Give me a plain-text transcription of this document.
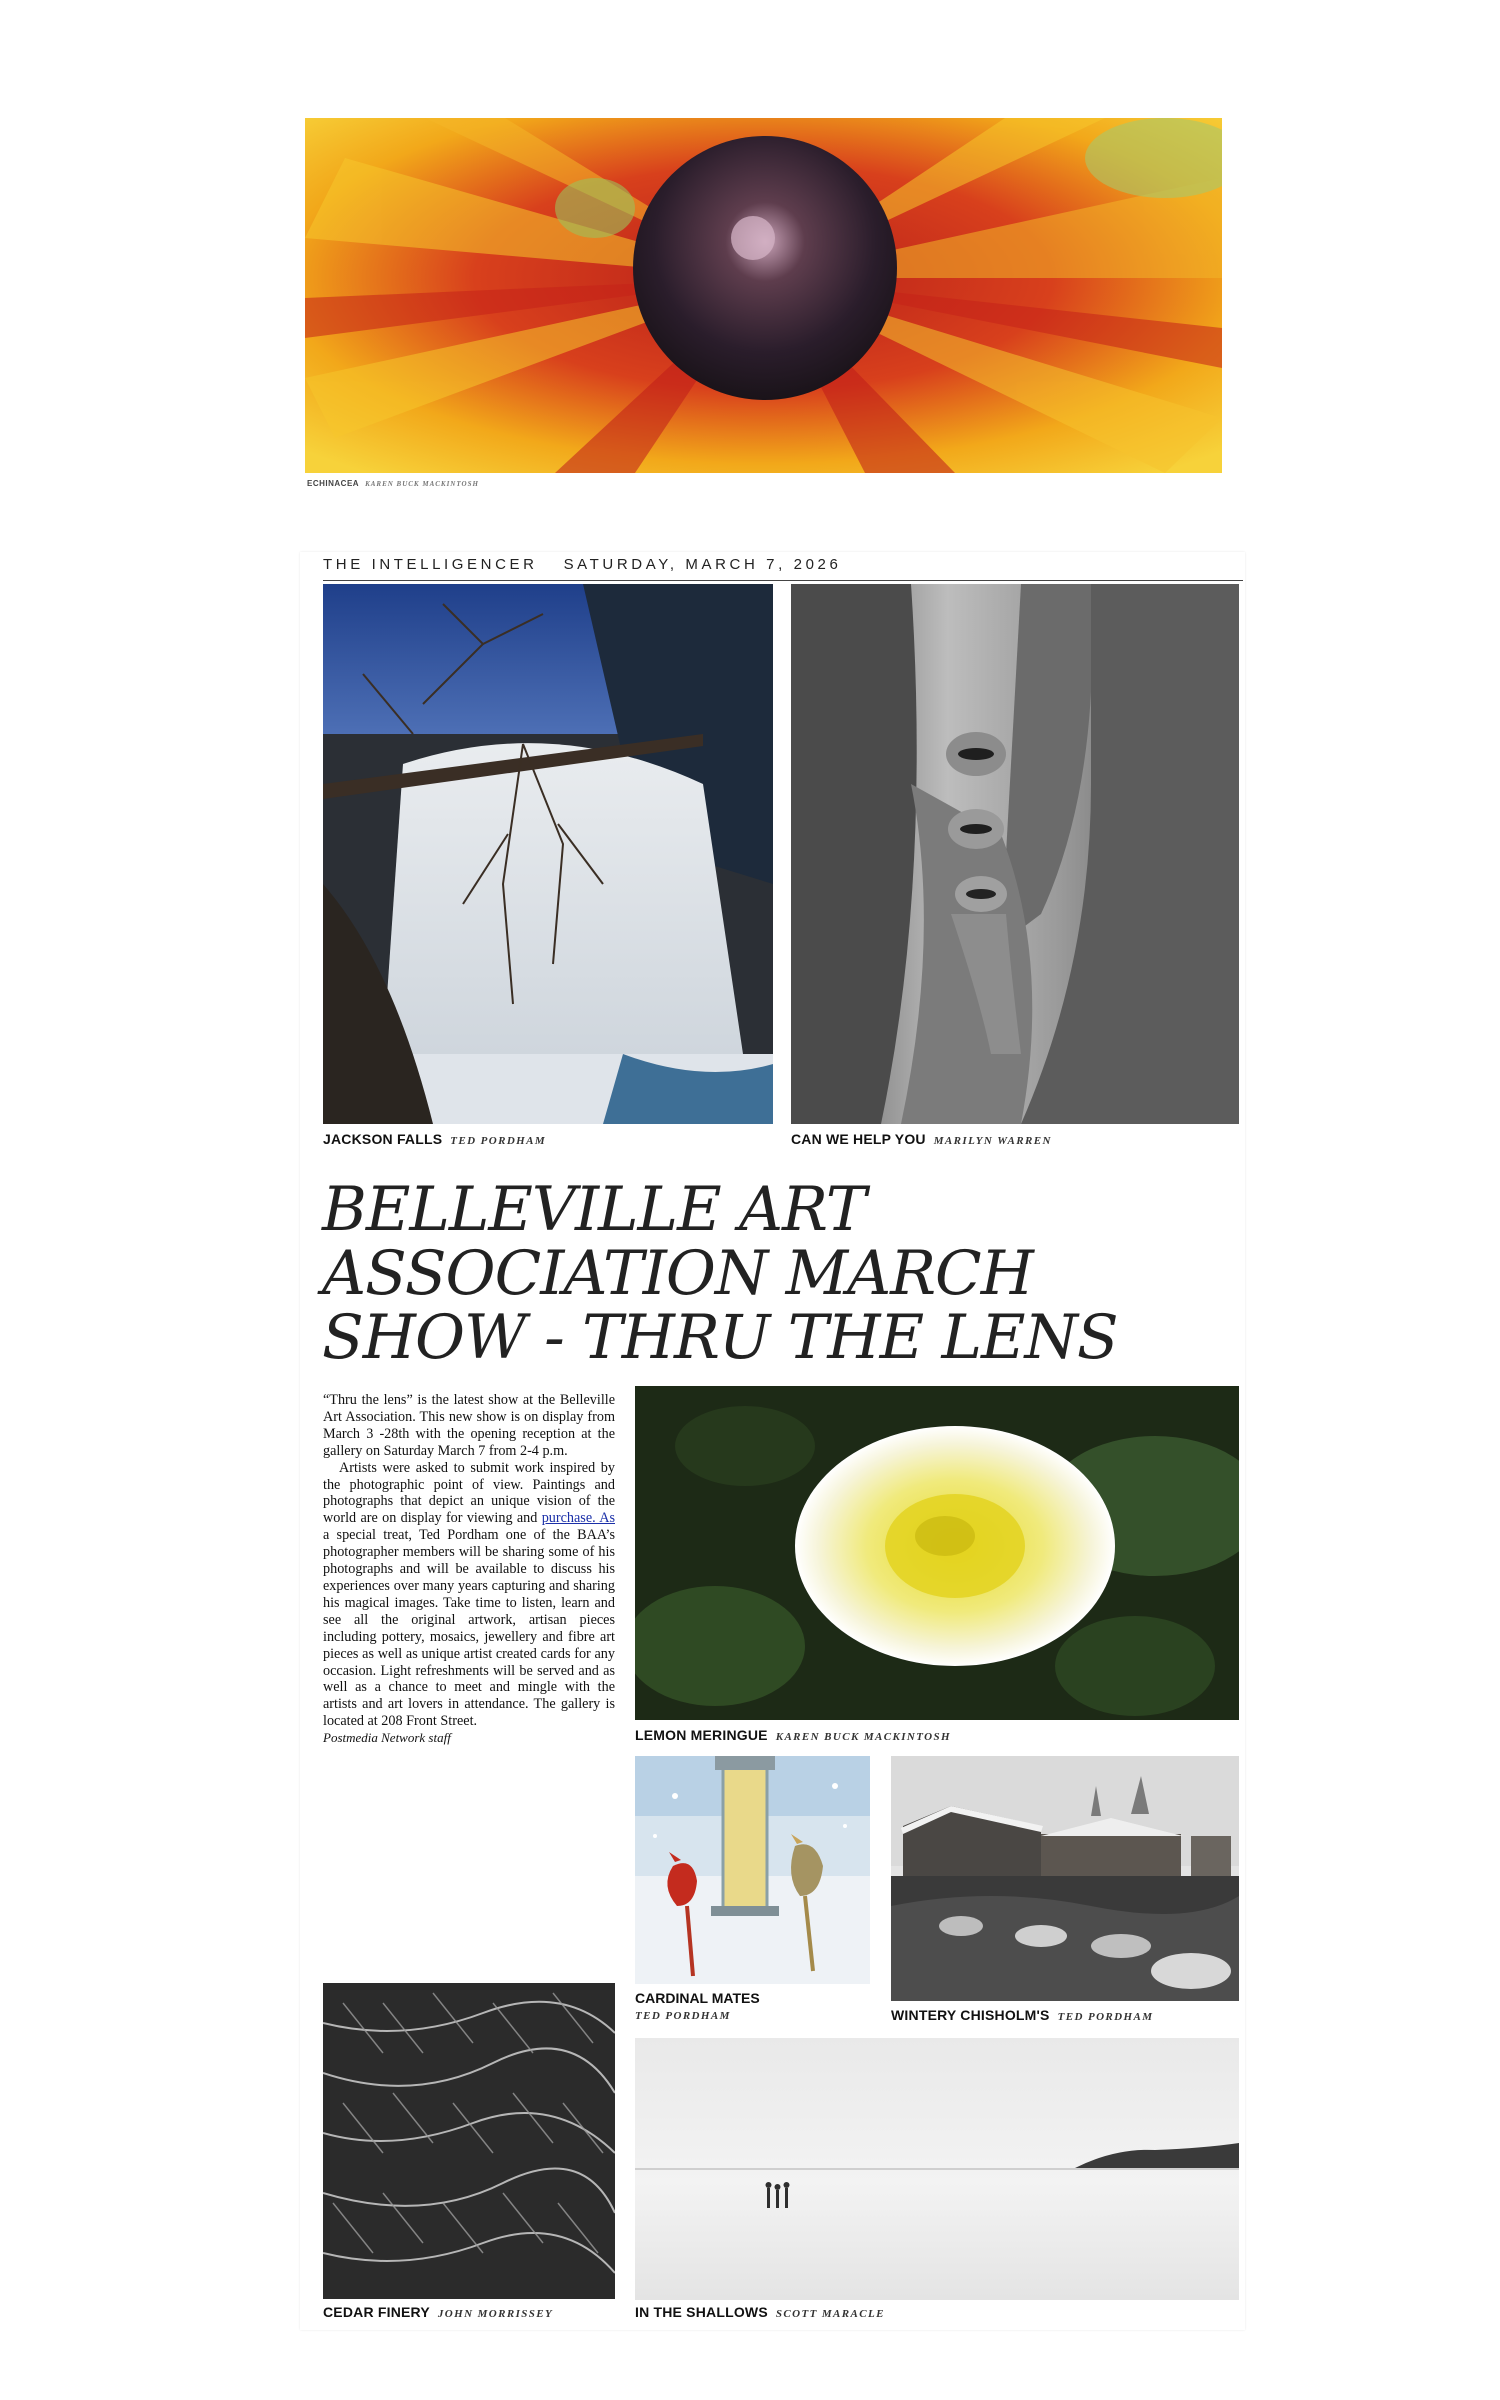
ECHINACEA KAREN BUCK MACKINTOSH
THE INTELLIGENCER SATURDAY, MARCH 7, 2026
JACKSON FALLS TED PORDHAM	CAN WE HELP YOU MARILYN WARREN
BELLEVILLE ART
ASSOCIATION MARCH
SHOW - THRU THE LENS

“Thru the lens” is the latest show at the Belleville Art Association. This new show is on display from March 3 -28th with the opening reception at the gallery on Saturday March 7 from 2-4 p.m.

Artists were asked to submit work inspired by the photographic point of view. Paintings and photographs that depict an unique vision of the world are on display for viewing and purchase. As a special treat, Ted Pordham one of the BAA’s photographer members will be sharing some of his photographs and will be available to discuss his experiences over many years capturing and sharing his magical images. Take time to listen, learn and see all the original artwork, artisan pieces including pottery, mosaics, jewellery and fibre art pieces as well as unique artist created cards for any occasion. Light refreshments will be served and as well as a chance to meet and mingle with the artists and art lovers in attendance. The gallery is located at 208 Front Street.

Postmedia Network staff	LEMON MERINGUE KAREN BUCK MACKINTOSH
CARDINAL MATES
TED PORDHAM	WINTERY CHISHOLM'S TED PORDHAM
CEDAR FINERY JOHN MORRISSEY	IN THE SHALLOWS SCOTT MARACLE
